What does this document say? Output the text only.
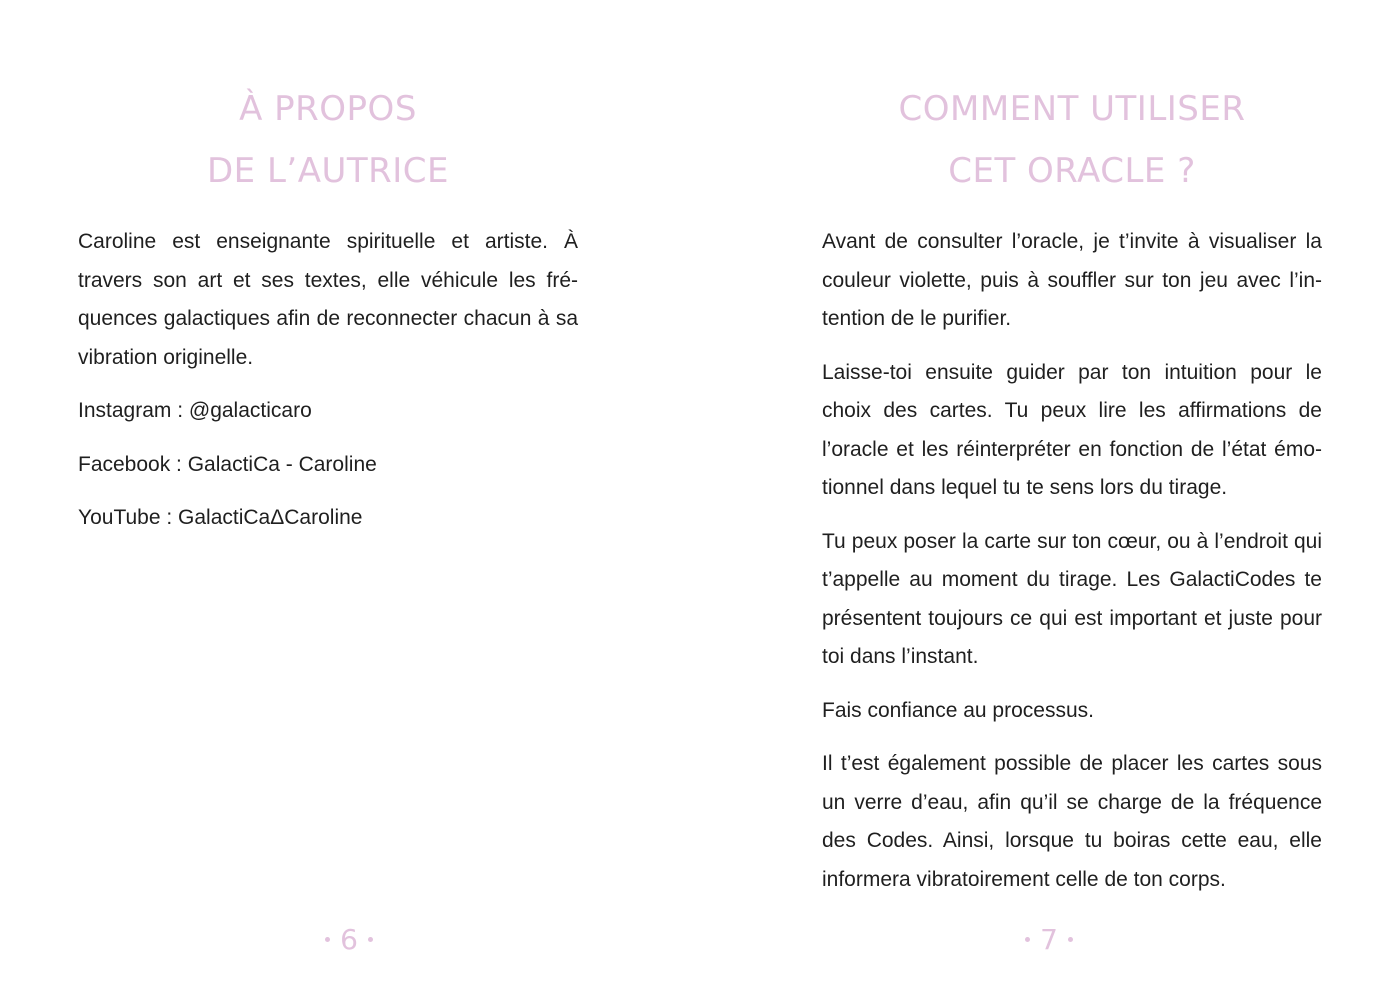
À PROPOS
DE L’AUTRICE

Caroline est enseignante spirituelle et artiste. À travers son art et ses textes, elle véhicule les fréquences galactiques afin de reconnecter chacun à sa vibration originelle.

Instagram : @galacticaro

Facebook : GalactiCa - Caroline

YouTube : GalactiCaΔCaroline

6
COMMENT UTILISER
CET ORACLE ?

Avant de consulter l’oracle, je t’invite à visualiser la couleur violette, puis à souffler sur ton jeu avec l’intention de le purifier.

Laisse-toi ensuite guider par ton intuition pour le choix des cartes. Tu peux lire les affirmations de l’oracle et les réinterpréter en fonction de l’état émotionnel dans lequel tu te sens lors du tirage.

Tu peux poser la carte sur ton cœur, ou à l’endroit qui t’appelle au moment du tirage. Les GalactiCodes te présentent toujours ce qui est important et juste pour toi dans l’instant.

Fais confiance au processus.

Il t’est également possible de placer les cartes sous un verre d’eau, afin qu’il se charge de la fréquence des Codes. Ainsi, lorsque tu boiras cette eau, elle informera vibratoirement celle de ton corps.

7
